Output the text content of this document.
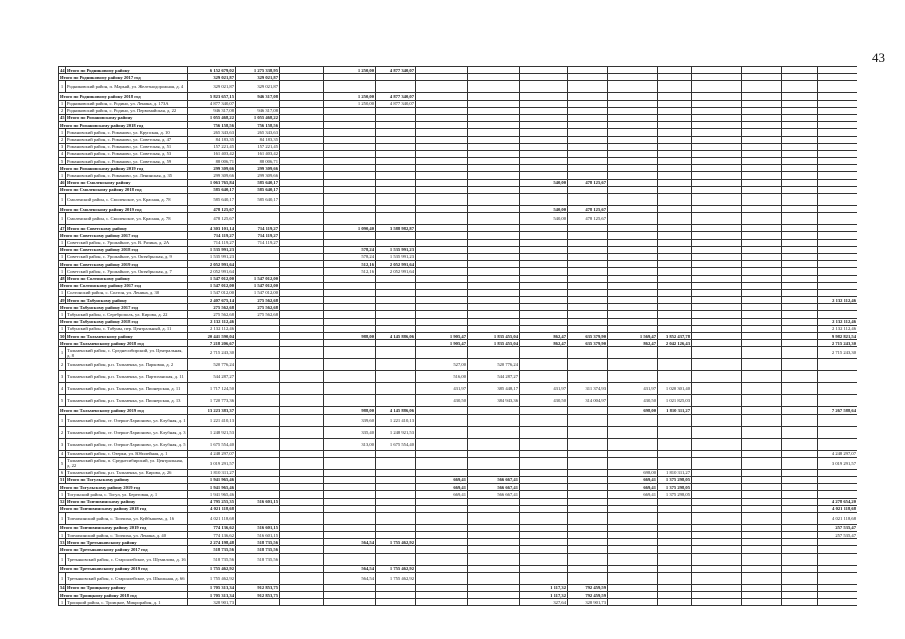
43
44	Итого по Родниковому району	6 152 679,02	1 275 338,95		1 250,00	4 877 340,07										
Итого по Родниковому району 2017 год		329 021,87	329 021,87													
1	Родниковский район, п. Марьяй, ул. Железнодорожная, д. 4	329 021,87	329 021,87													
Итого по Родниковому району 2018 год		5 823 657,15	946 317,08		1 250,00	4 877 340,07										
1	Родниковский район, с. Родино, ул. Ленина, д. 173А	4 877 340,07			1 250,00	4 877 340,07										
2	Родниковский район, с. Родино, ул. Первомайская, д. 22	946 317,08	946 317,08													
45	Итого по Романовскому району	1 055 468,22	1 055 468,22													
Итого по Романовскому району 2018 год		756 158,56	756 158,56													
1	Романовский район, с. Романово, ул. Крупская, д. 10	265 343,63	265 343,63													
2	Романовский район, с. Романово, ул. Советская, д. 47	84 183,35	84 183,35													
3	Романовский район, с. Романово, ул. Советская, д. 51	157 221,45	157 221,45													
4	Романовский район, с. Романово, ул. Советская, д. 53	161 403,42	161 403,42													
5	Романовский район, с. Романово, ул. Советская, д. 59	88 006,71	88 006,71													
Итого по Романовскому району 2019 год		299 309,66	299 309,66													
1	Романовский район, с. Романово, ул. Ленинская, д. 35	299 309,66	299 309,66													
46	Итого по Смоленскому району	1 063 765,84	585 640,17						540,00	478 125,67						
Итого по Смоленскому району 2018 год		585 640,17	585 640,17													
1	Смоленский район, с. Смоленское, ул. Красная, д. 78	585 640,17	585 640,17													
Итого по Смоленскому району 2019 год		478 125,67							540,00	478 125,67						
1	Смоленский район, с. Смоленское, ул. Красная, д. 78	478 125,67							540,00	478 125,67						
47	Итого по Советскому району	4 303 101,14	714 119,27		1 090,40	3 588 982,87										
Итого по Советскому району 2017 год		714 119,27	714 119,27													
1	Советский район, с. Урожайное, ул. В. Разина, д. 2А	714 119,27	714 119,27													
Итого по Советскому району 2018 год		1 535 991,23			578,24	1 535 991,23										
1	Советский район, с. Урожайное, ул. Октябрьская, д. 9	1 535 991,23			578,24	1 535 991,23										
Итого по Советскому району 2019 год		2 052 991,64			512,16	2 052 991,64										
1	Советский район, с. Урожайное, ул. Октябрьская, д. 7	2 052 991,64			512,16	2 052 991,64										
48	Итого по Солтонскому району	1 547 012,00	1 547 012,00													
Итого по Солтонскому району 2017 год		1 547 012,00	1 547 012,00													
1	Солтонский район, с. Солтон, ул. Ленина, д. 30	1 547 012,00	1 547 012,00													
49	Итого по Табунскому району	2 407 675,14	275 562,68													2 132 112,46
Итого по Табунскому району 2017 год		275 562,68	275 562,68													
1	Табунский район, с. Сереброполь, ул. Кирова, д. 22	275 562,68	275 562,68													
Итого по Табунскому району 2018 год		2 132 112,46														2 132 112,46
1	Табунский район, с. Табуны, пер. Центральный, д. 11	2 132 112,46														2 132 112,46
50	Итого по Тальменскому району	20 441 590,04			988,00	4 145 886,06	1 905,47	1 835 455,04	862,47	635 379,90	1 569,47	3 852 437,78				9 982 821,54
Итого по Тальменскому району 2018 год		7 218 206,67					1 905,47	1 835 455,04	862,47	635 379,90	862,47	2 042 126,43				2 715 243,30
1	Тальменский район, с. Среднесибирский, ул. Центральная, д. 8	2 715 243,30														2 715 243,30
2	Тальменский район, р.п. Тальменка, ул. Парковая, д. 2	520 776,24					527,00	520 776,24								
3	Тальменский район, р.п. Тальменка, ул. Партизанская, д. 11	544 287,27					516,00	544 287,27								
4	Тальменский район, р.п. Тальменка, ул. Пионерская, д. 11	1 717 124,50					431,97	385 448,17	431,97	311 374,93	431,97	1 020 301,40				
5	Тальменский район, р.п. Тальменка, ул. Пионерская, д. 13	1 720 773,36					430,50	384 943,36	430,50	314 004,97	430,50	1 021 825,03				
Итого по Тальменскому району 2019 год		13 223 383,37			988,00	4 145 886,06					698,00	1 810 311,27				7 267 588,64
1	Тальменский район, ст. Озерки-Ларионово, ул. Клубная, д. 1	1 221 410,13			339,60	1 221 410,13										
2	Тальменский район, ст. Озерки-Ларионово, ул. Клубная, д. 3	1 248 921,53			335,40	1 248 921,53										
3	Тальменский район, ст. Озерки-Ларионово, ул. Клубная, д. 5	1 675 554,40			313,00	1 675 554,40										
4	Тальменский район, с. Озерки, ул. Юбилейная, д. 1	4 248 297,07														4 248 297,07
5	Тальменский район, п. Среднесибирский, ул. Центральная, д. 22	3 019 291,57														3 019 291,57
6	Тальменский район, р.п. Тальменка, ул. Кирова, д. 26	1 810 311,27									698,00	1 810 311,27				
51	Итого по Тогульскому району	1 941 965,46					669,41	566 667,41			669,41	1 375 298,05				
Итого по Тогульскому району 2019 год		1 941 965,46					669,41	566 667,41			669,41	1 375 298,05				
1	Тогульский район, с. Тогул, ул. Береговая, д. 1	1 941 965,46					669,41	566 667,41			669,41	1 375 298,05				
52	Итого по Топчихинскому району	4 795 255,35	516 601,15													4 278 654,20
Итого по Топчихинскому району 2018 год		4 021 118,68														4 021 118,68
1	Топчихинский район, с. Топчиха, ул. Куйбышева, д. 16	4 021 118,68														4 021 118,68
Итого по Топчихинскому району 2019 год		774 136,62	516 601,15													257 535,47
1	Топчихинский район, с. Топчиха, ул. Ленина, д. 40	774 136,62	516 601,15													257 535,47
53	Итого по Третьяковскому району	2 274 198,48	518 735,56		564,54	1 755 462,92										
Итого по Третьяковскому району 2017 год		518 735,56	518 735,56													
1	Третьяковский район, с. Староалейское, ул. Шумилова, д. 16	518 735,56	518 735,56													
Итого по Третьяковскому району 2019 год		1 755 462,92			564,54	1 755 462,92										
1	Третьяковский район, с. Староалейское, ул. Школьная, д. 66	1 755 462,92			564,54	1 755 462,92										
54	Итого по Троицкому району	1 705 313,34	912 853,75						1 117,32	792 459,59						
Итого по Троицкому району 2018 год		1 705 313,34	912 853,75						1 117,32	792 459,59						
1	Троицкий район, с. Троицкое, Микрорайон, д. 1	328 901,73							327,64	328 901,73						
